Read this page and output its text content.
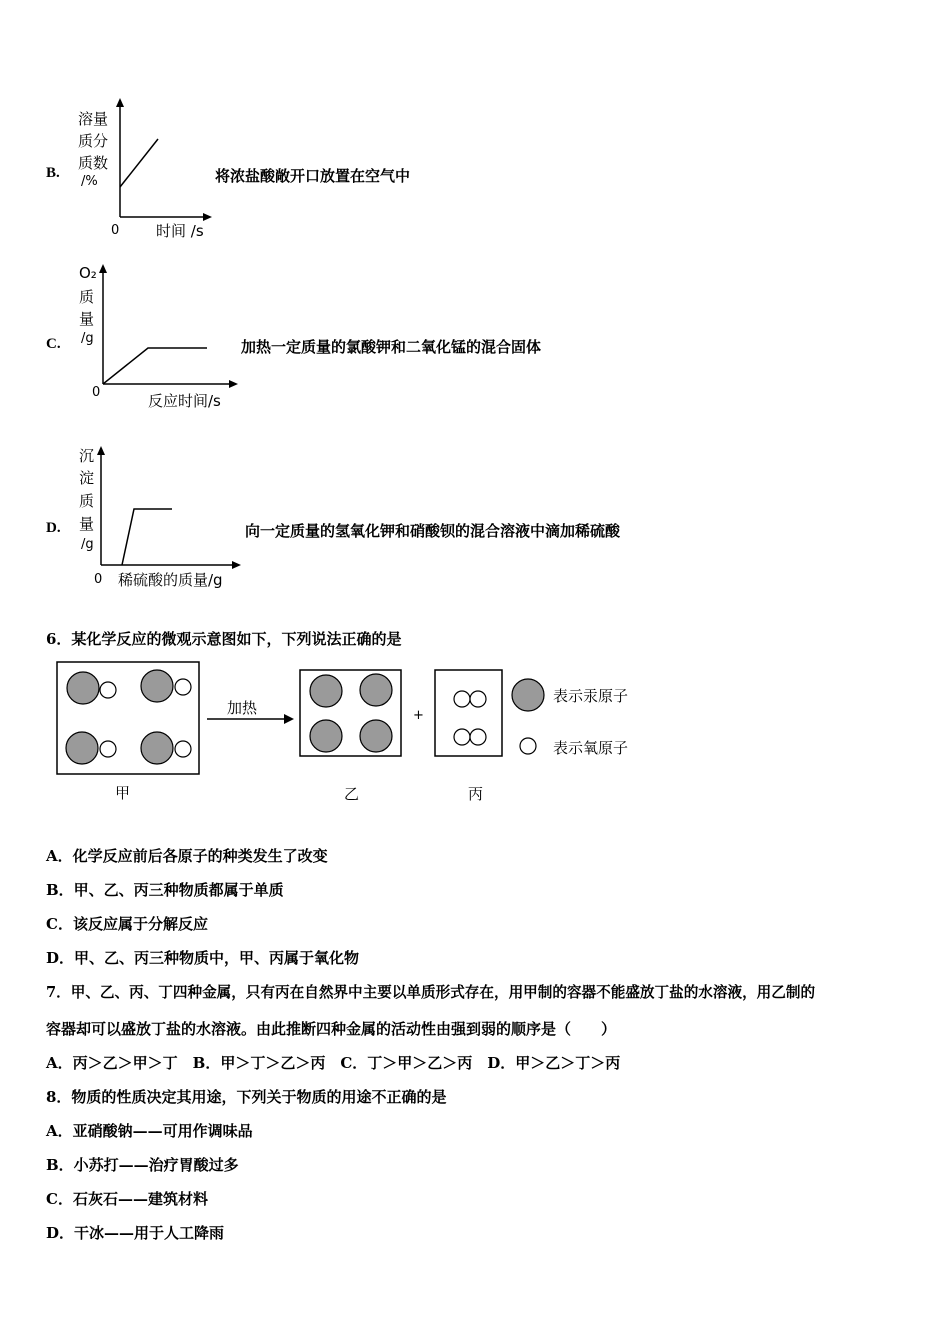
B.
溶量
质分
质数
/%
0 时间 /s
将浓盐酸敞开口放置在空气中
C.
O₂
质
量
/g
0	反应时间/s
加热一定质量的氯酸钾和二氧化锰的混合固体
D.
沉
淀
质
量
/g
0 稀硫酸的质量/g
向一定质量的氢氧化钾和硝酸钡的混合溶液中滴加稀硫酸
6．某化学反应的微观示意图如下，下列说法正确的是
加热	+
表示汞原子
表示氧原子
甲	乙	丙
A．化学反应前后各原子的种类发生了改变
B．甲、乙、丙三种物质都属于单质
C．该反应属于分解反应
D．甲、乙、丙三种物质中，甲、丙属于氧化物
7．甲、乙、丙、丁四种金属，只有丙在自然界中主要以单质形式存在，用甲制的容器不能盛放丁盐的水溶液，用乙制的
容器却可以盛放丁盐的水溶液。由此推断四种金属的活动性由强到弱的顺序是（　　）
A．丙＞乙＞甲＞丁　B．甲＞丁＞乙＞丙　C．丁＞甲＞乙＞丙　D．甲＞乙＞丁＞丙
8．物质的性质决定其用途，下列关于物质的用途不正确的是
A．亚硝酸钠——可用作调味品
B．小苏打——治疗胃酸过多
C．石灰石——建筑材料
D．干冰——用于人工降雨
